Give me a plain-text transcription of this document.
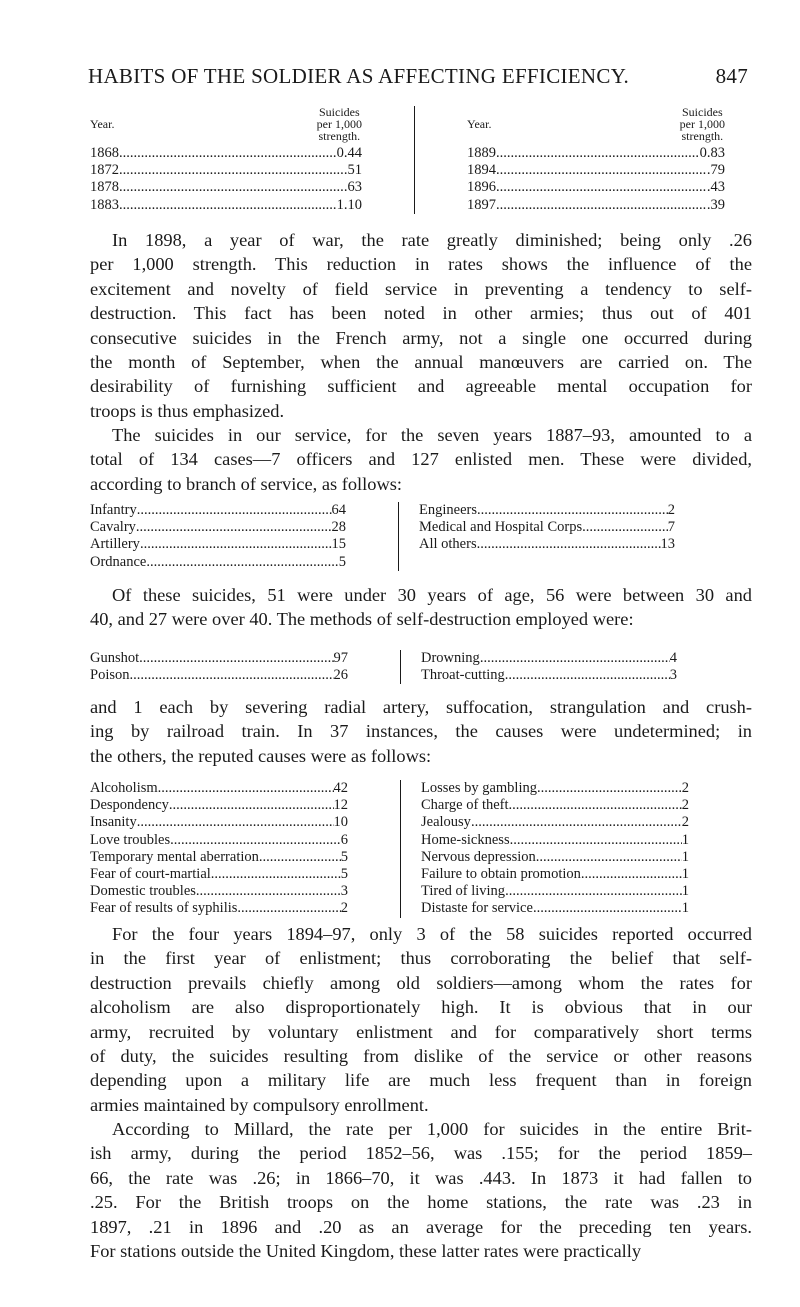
HABITS OF THE SOLDIER AS AFFECTING EFFICIENCY.	847
Year.
Suicides
per 1,000
strength.
1868 .....	0.44
1872 .....	.51
1878 .....	.63
1883 .....	1.10
Year.
Suicides
per 1,000
strength.
1889 .....	0.83
1894 .....	.79
1896 .....	.43
1897 .....	.39
In 1898, a year of war, the rate greatly diminished; being only .26
per 1,000 strength. This reduction in rates shows the influence of the
excitement and novelty of field service in preventing a tendency to self-
destruction. This fact has been noted in other armies; thus out of 401
consecutive suicides in the French army, not a single one occurred during
the month of September, when the annual manœuvers are carried on. The
desirability of furnishing sufficient and agreeable mental occupation for
troops is thus emphasized.
The suicides in our service, for the seven years 1887–93, amounted to a
total of 134 cases—7 officers and 127 enlisted men. These were divided,
according to branch of service, as follows:
Infantry .....	64
Cavalry .....	28
Artillery .....	15
Ordnance .....	5
Engineers .....	2
Medical and Hospital Corps .....	7
All others .....	13
Of these suicides, 51 were under 30 years of age, 56 were between 30 and
40, and 27 were over 40. The methods of self-destruction employed were:
Gunshot .....	97
Poison .....	26
Drowning .....	4
Throat-cutting .....	3
and 1 each by severing radial artery, suffocation, strangulation and crush-
ing by railroad train. In 37 instances, the causes were undetermined; in
the others, the reputed causes were as follows:
Alcoholism .....	42
Despondency .....	12
Insanity .....	10
Love troubles .....	6
Temporary mental aberration .....	5
Fear of court-martial .....	5
Domestic troubles .....	3
Fear of results of syphilis .....	2
Losses by gambling .....	2
Charge of theft .....	2
Jealousy .....	2
Home-sickness .....	1
Nervous depression .....	1
Failure to obtain promotion .....	1
Tired of living .....	1
Distaste for service .....	1
For the four years 1894–97, only 3 of the 58 suicides reported occurred
in the first year of enlistment; thus corroborating the belief that self-
destruction prevails chiefly among old soldiers—among whom the rates for
alcoholism are also disproportionately high. It is obvious that in our
army, recruited by voluntary enlistment and for comparatively short terms
of duty, the suicides resulting from dislike of the service or other reasons
depending upon a military life are much less frequent than in foreign
armies maintained by compulsory enrollment.
According to Millard, the rate per 1,000 for suicides in the entire Brit-
ish army, during the period 1852–56, was .155; for the period 1859–
66, the rate was .26; in 1866–70, it was .443. In 1873 it had fallen to
.25. For the British troops on the home stations, the rate was .23 in
1897, .21 in 1896 and .20 as an average for the preceding ten years.
For stations outside the United Kingdom, these latter rates were practically
